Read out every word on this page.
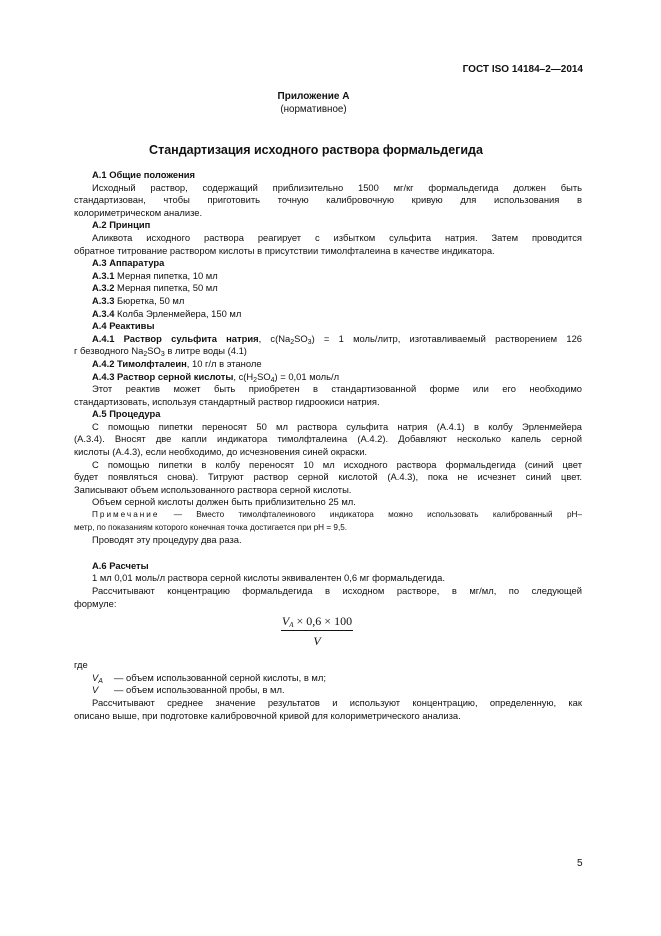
ГОСТ ISO 14184–2—2014
Приложение А
(нормативное)
Стандартизация исходного раствора формальдегида

А.1 Общие положения

Исходный раствор, содержащий приблизительно 1500 мг/кг формальдегида должен быть

стандартизован, чтобы приготовить точную калибровочную кривую для использования в

колориметрическом анализе.

А.2 Принцип

Аликвота исходного раствора реагирует с избытком сульфита натрия. Затем проводится

обратное титрование раствором кислоты в присутствии тимолфталеина в качестве индикатора.

А.3 Аппаратура

А.3.1 Мерная пипетка, 10 мл

А.3.2 Мерная пипетка, 50 мл

А.3.3 Бюретка, 50 мл

А.3.4 Колба Эрленмейера, 150 мл

А.4 Реактивы

А.4.1 Раствор сульфита натрия, $c(Na_2SO_3) = 1$ моль/литр, изготавливаемый растворением 126

г безводного $Na_2SO_3$ в литре воды (4.1)

А.4.2 Тимолфталеин, 10 г/л в этаноле

А.4.3 Раствор серной кислоты, $c(H_2SO_4) = 0,01$ моль/л

Этот реактив может быть приобретен в стандартизованной форме или его необходимо

стандартизовать, используя стандартный раствор гидроокиси натрия.

А.5 Процедура

С помощью пипетки переносят 50 мл раствора сульфита натрия (А.4.1) в колбу Эрленмейера

(А.3.4). Вносят две капли индикатора тимолфталеина (А.4.2). Добавляют несколько капель серной

кислоты (А.4.3), если необходимо, до исчезновения синей окраски.

С помощью пипетки в колбу переносят 10 мл исходного раствора формальдегида (синий цвет

будет появляться снова). Титруют раствор серной кислотой (А.4.3), пока не исчезнет синий цвет.

Записывают объем использованного раствора серной кислоты.

Объем серной кислоты должен быть приблизительно 25 мл.

Примечание — Вместо тимолфталеинового индикатора можно использовать калиброванный рН–

метр, по показаниям которого конечная точка достигается при рН = 9,5.

Проводят эту процедуру два раза.

А.6 Расчеты

1 мл 0,01 моль/л раствора серной кислоты эквивалентен 0,6 мг формальдегида.

Рассчитывают концентрацию формальдегида в исходном растворе, в мг/мл, по следующей

формуле:

$V_A \times 0,6 \times 100$
V

где

$V_A$ — объем использованной серной кислоты, в мл;

V — объем использованной пробы, в мл.

Рассчитывают среднее значение результатов и используют концентрацию, определенную, как

описано выше, при подготовке калибровочной кривой для колориметрического анализа.

5
